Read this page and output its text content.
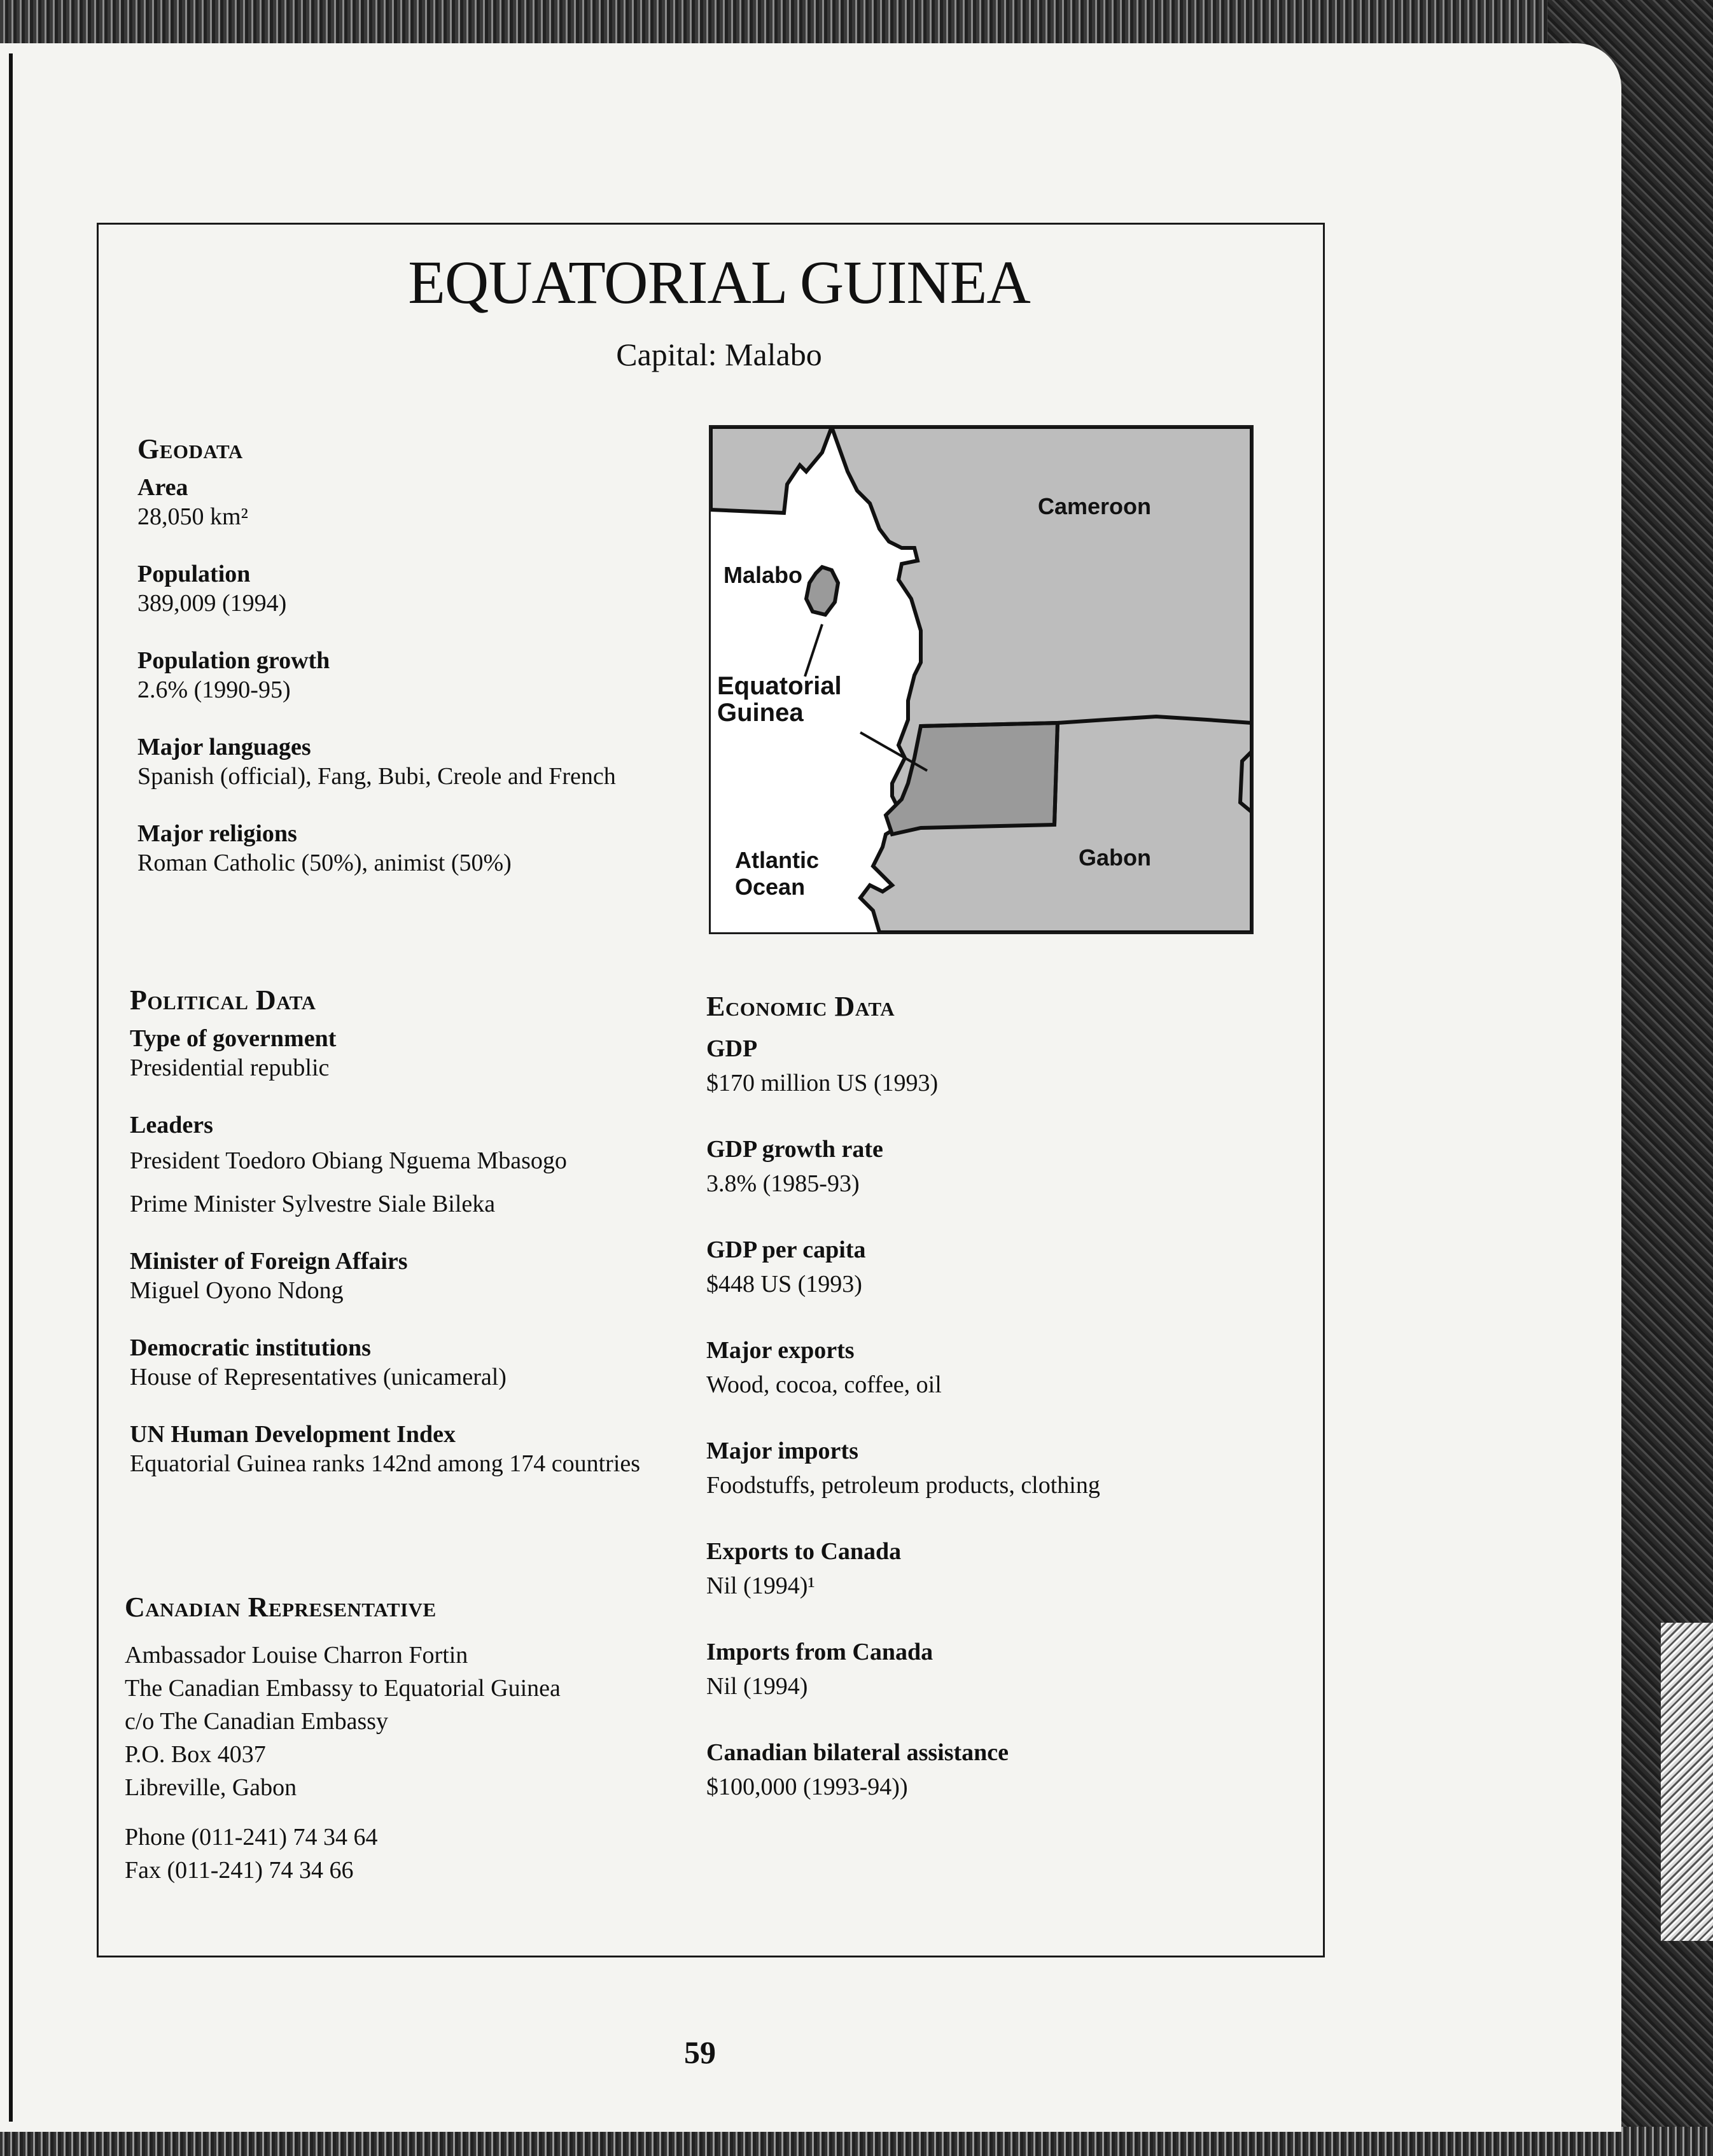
EQUATORIAL GUINEA
Capital: Malabo
Geodata
Area
28,050 km²
Population
389,009 (1994)
Population growth
2.6% (1990-95)
Major languages
Spanish (official), Fang, Bubi, Creole and French
Major religions
Roman Catholic (50%), animist (50%)
Cameroon
Malabo
Equatorial Guinea
Atlantic Ocean
Gabon
Political Data
Type of government
Presidential republic
Leaders
President Toedoro Obiang Nguema Mbasogo
Prime Minister Sylvestre Siale Bileka
Minister of Foreign Affairs
Miguel Oyono Ndong
Democratic institutions
House of Representatives (unicameral)
UN Human Development Index
Equatorial Guinea ranks 142nd among 174 countries
Canadian Representative
Ambassador Louise Charron Fortin
The Canadian Embassy to Equatorial Guinea
c/o The Canadian Embassy
P.O. Box 4037
Libreville, Gabon
Phone (011-241) 74 34 64
Fax (011-241) 74 34 66
Economic Data
GDP
$170 million US (1993)
GDP growth rate
3.8% (1985-93)
GDP per capita
$448 US (1993)
Major exports
Wood, cocoa, coffee, oil
Major imports
Foodstuffs, petroleum products, clothing
Exports to Canada
Nil (1994)¹
Imports from Canada
Nil (1994)
Canadian bilateral assistance
$100,000 (1993-94))
59
